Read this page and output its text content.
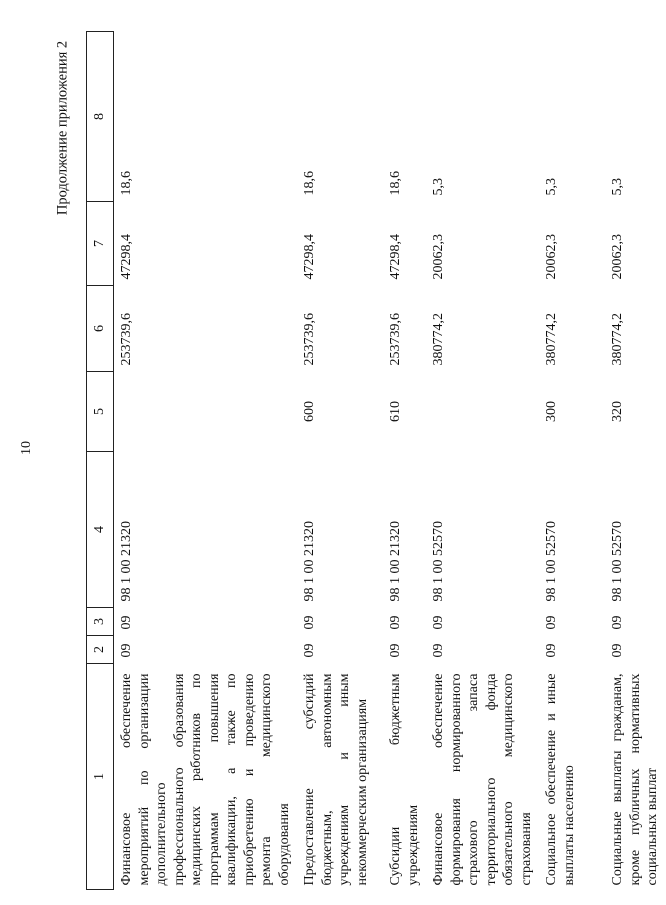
10
Продолжение приложения 2
1	2	3	4	5	6	7	8
Финансовое обеспечение мероприятий по организации дополнительного профессионального образования медицинских работников по программам повышения квалификации, а также по приобретению и проведению ремонта медицинского оборудования	09	09	98 1 00 21320		253739,6	47298,4	18,6
Предоставление субсидий бюджетным, автономным учреждениям и иным некоммерческим организациям	09	09	98 1 00 21320	600	253739,6	47298,4	18,6
Субсидии бюджетным учреждениям	09	09	98 1 00 21320	610	253739,6	47298,4	18,6
Финансовое обеспечение формирования нормированного страхового запаса территориального фонда обязательного медицинского страхования	09	09	98 1 00 52570		380774,2	20062,3	5,3
Социальное обеспечение и иные выплаты населению	09	09	98 1 00 52570	300	380774,2	20062,3	5,3
Социальные выплаты гражданам, кроме публичных нормативных социальных выплат	09	09	98 1 00 52570	320	380774,2	20062,3	5,3
